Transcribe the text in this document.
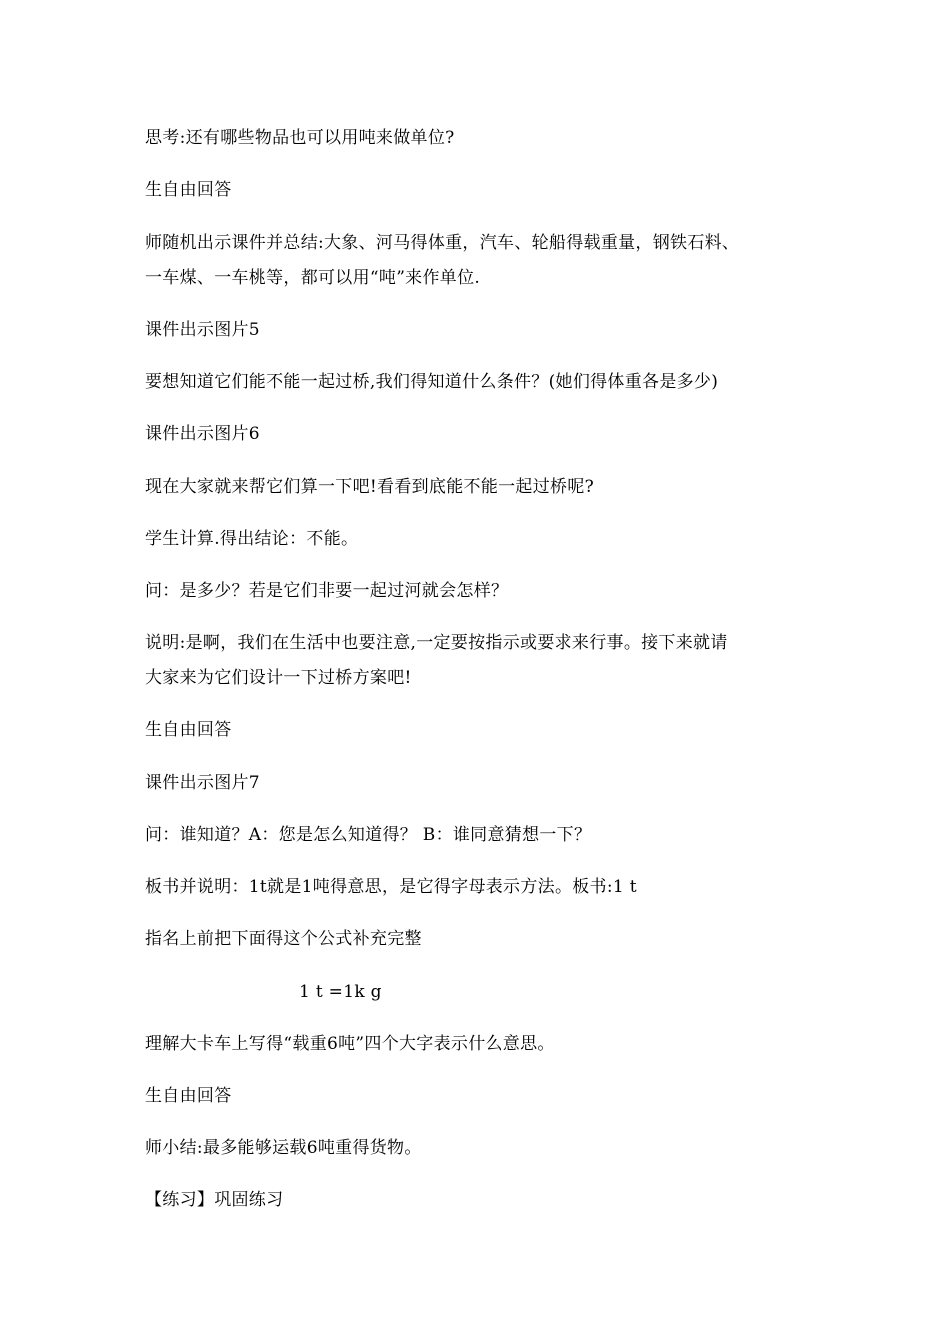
思考:还有哪些物品也可以用吨来做单位?
生自由回答
师随机出示课件并总结:大象、河马得体重，汽车、轮船得载重量，钢铁石料、
一车煤、一车桃等，都可以用“吨”来作单位.
课件出示图片5
要想知道它们能不能一起过桥,我们得知道什么条件？(她们得体重各是多少)
课件出示图片6
现在大家就来帮它们算一下吧!看看到底能不能一起过桥呢?
学生计算.得出结论：不能。
问：是多少？若是它们非要一起过河就会怎样？
说明:是啊，我们在生活中也要注意,一定要按指示或要求来行事。接下来就请
大家来为它们设计一下过桥方案吧!
生自由回答
课件出示图片7
问：谁知道？A：您是怎么知道得？ B：谁同意猜想一下？
板书并说明：1t就是1吨得意思，是它得字母表示方法。板书:1 t
指名上前把下面得这个公式补充完整
1 t =1k g
理解大卡车上写得“载重6吨”四个大字表示什么意思。
生自由回答
师小结:最多能够运载6吨重得货物。
【练习】巩固练习
